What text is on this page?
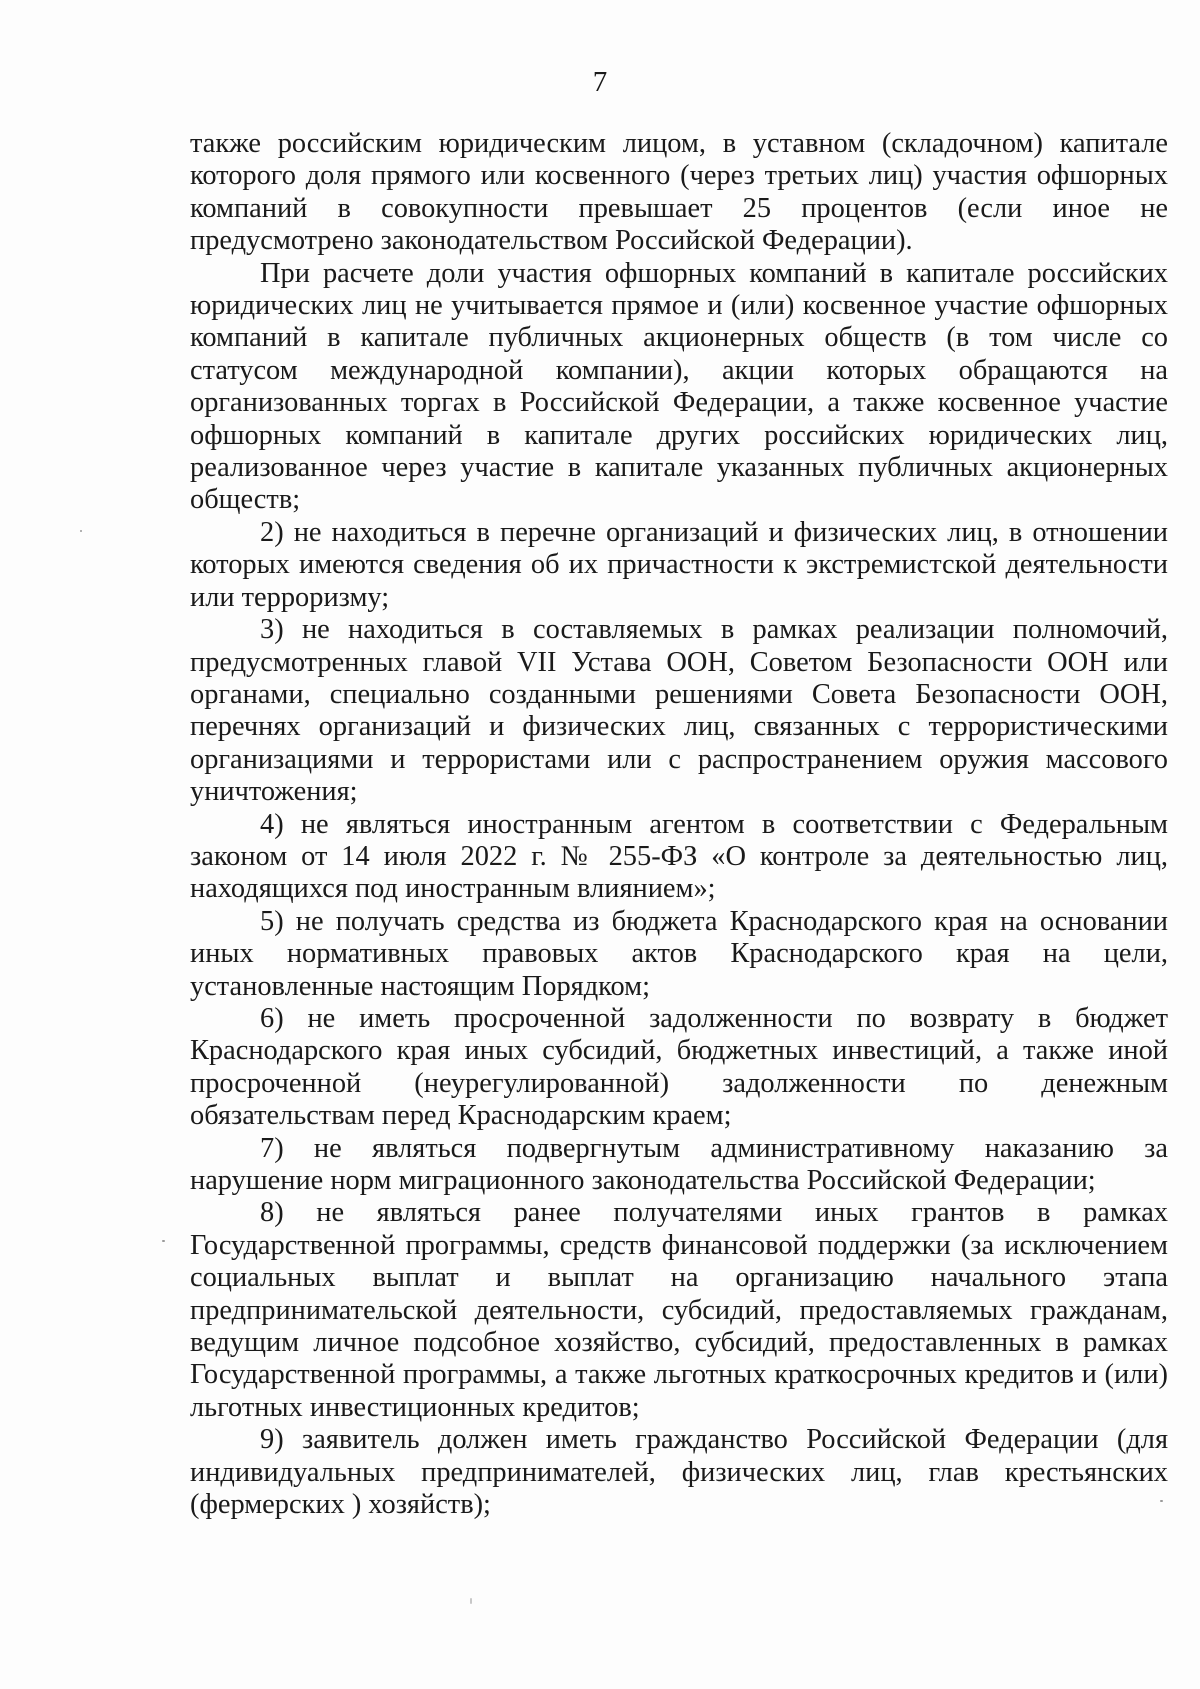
7

также российским юридическим лицом, в уставном (складочном) капитале которого доля прямого или косвенного (через третьих лиц) участия офшорных компаний в совокупности превышает 25 процентов (если иное не предусмотрено законодательством Российской Федерации).

При расчете доли участия офшорных компаний в капитале российских юридических лиц не учитывается прямое и (или) косвенное участие офшорных компаний в капитале публичных акционерных обществ (в том числе со статусом международной компании), акции которых обращаются на организованных торгах в Российской Федерации, а также косвенное участие офшорных компаний в капитале других российских юридических лиц, реализованное через участие в капитале указанных публичных акционерных обществ;

2) не находиться в перечне организаций и физических лиц, в отношении которых имеются сведения об их причастности к экстремистской деятельности или терроризму;

3) не находиться в составляемых в рамках реализации полномочий, предусмотренных главой VII Устава ООН, Советом Безопасности ООН или органами, специально созданными решениями Совета Безопасности ООН, перечнях организаций и физических лиц, связанных с террористическими организациями и террористами или с распространением оружия массового уничтожения;

4) не являться иностранным агентом в соответствии с Федеральным законом от 14 июля 2022 г. № 255-ФЗ «О контроле за деятельностью лиц, находящихся под иностранным влиянием»;

5) не получать средства из бюджета Краснодарского края на основании иных нормативных правовых актов Краснодарского края на цели, установленные настоящим Порядком;

6) не иметь просроченной задолженности по возврату в бюджет Краснодарского края иных субсидий, бюджетных инвестиций, а также иной просроченной (неурегулированной) задолженности по денежным обязательствам перед Краснодарским краем;

7) не являться подвергнутым административному наказанию за нарушение норм миграционного законодательства Российской Федерации;

8) не являться ранее получателями иных грантов в рамках Государственной программы, средств финансовой поддержки (за исключением социальных выплат и выплат на организацию начального этапа предпринимательской деятельности, субсидий, предоставляемых гражданам, ведущим личное подсобное хозяйство, субсидий, предоставленных в рамках Государственной программы, а также льготных краткосрочных кредитов и (или) льготных инвестиционных кредитов;

9) заявитель должен иметь гражданство Российской Федерации (для индивидуальных предпринимателей, физических лиц, глав крестьянских (фермерских ) хозяйств);
